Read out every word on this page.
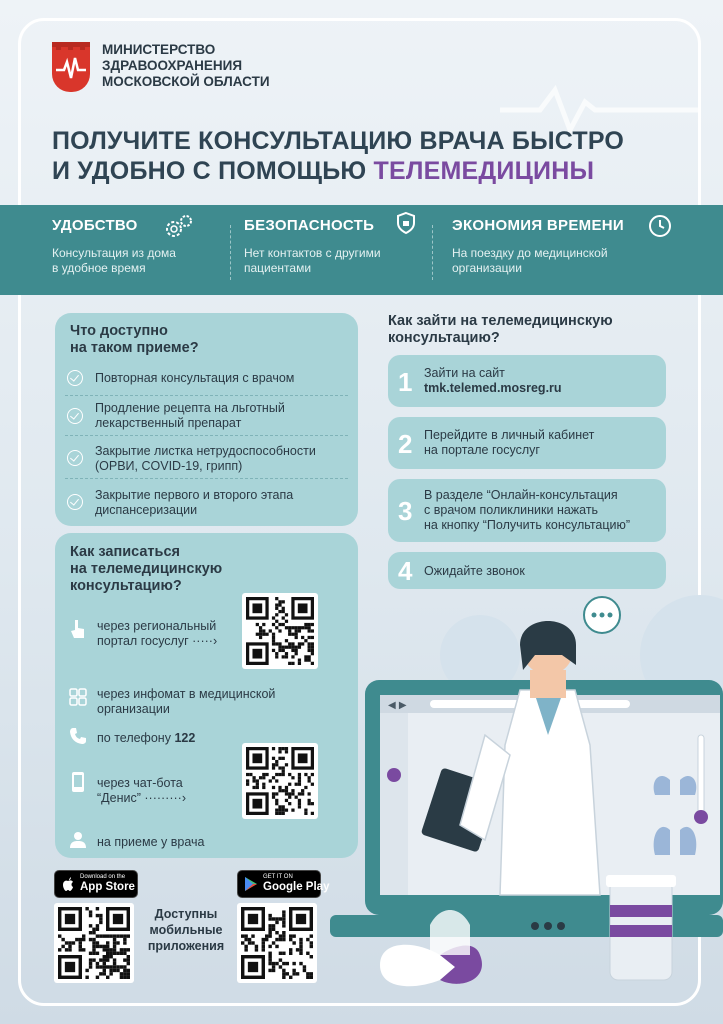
МИНИСТЕРСТВО
ЗДРАВООХРАНЕНИЯ
МОСКОВСКОЙ ОБЛАСТИ
ПОЛУЧИТЕ КОНСУЛЬТАЦИЮ ВРАЧА БЫСТРО
И УДОБНО С ПОМОЩЬЮ ТЕЛЕМЕДИЦИНЫ
УДОБСТВО
Консультация из дома
в удобное время
БЕЗОПАСНОСТЬ
Нет контактов с другими
пациентами
ЭКОНОМИЯ ВРЕМЕНИ
На поездку до медицинской
организации
Что доступно
на таком приеме?
Повторная консультация с врачом
Продление рецепта на льготный
лекарственный препарат
Закрытие листка нетрудоспособности
(ОРВИ, COVID-19, грипп)
Закрытие первого и второго этапа
диспансеризации
Как записаться
на телемедицинскую
консультацию?
через региональный
портал госуслуг ·····›
через инфомат в медицинской
организации
по телефону 122
через чат-бота
“Денис” ·········›
на приеме у врача
Как зайти на телемедицинскую
консультацию?
1 Зайти на сайт
tmk.telemed.mosreg.ru
2 Перейдите в личный кабинет
на портале госуслуг
3
В разделе “Онлайн-консультация
с врачом поликлиники нажать
на кнопку “Получить консультацию”
4 Ожидайте звонок
◀ ▶
Download on the
App Store
GET IT ON
Google Play
Доступны
мобильные
приложения
